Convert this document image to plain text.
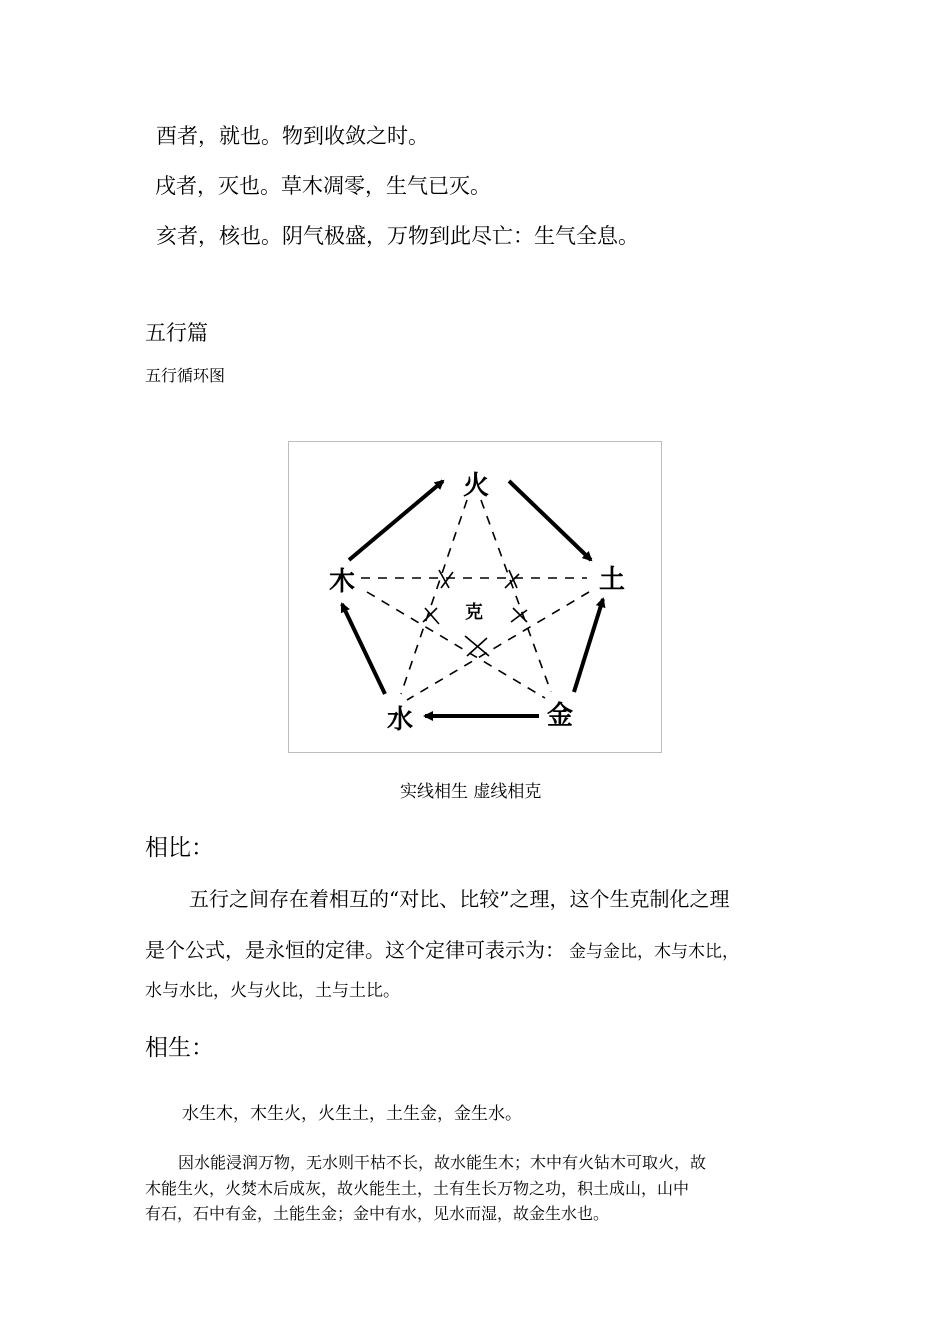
酉者，就也。物到收敛之时。

戌者，灭也。草木凋零，生气已灭。

亥者，核也。阴气极盛，万物到此尽亡：生气全息。

五行篇

五行循环图

火
土
木
金
水
克

实线相生 虚线相克

相比：

五行之间存在着相互的“对比、比较”之理，这个生克制化之理

是个公式，是永恒的定律。这个定律可表示为： 金与金比，木与木比，

水与水比，火与火比，土与土比。

相生：

水生木，木生火，火生土，土生金，金生水。

因水能浸润万物，无水则干枯不长，故水能生木；木中有火钻木可取火，故

木能生火，火焚木后成灰，故火能生土，土有生长万物之功，积土成山，山中

有石，石中有金，土能生金；金中有水，见水而湿，故金生水也。
